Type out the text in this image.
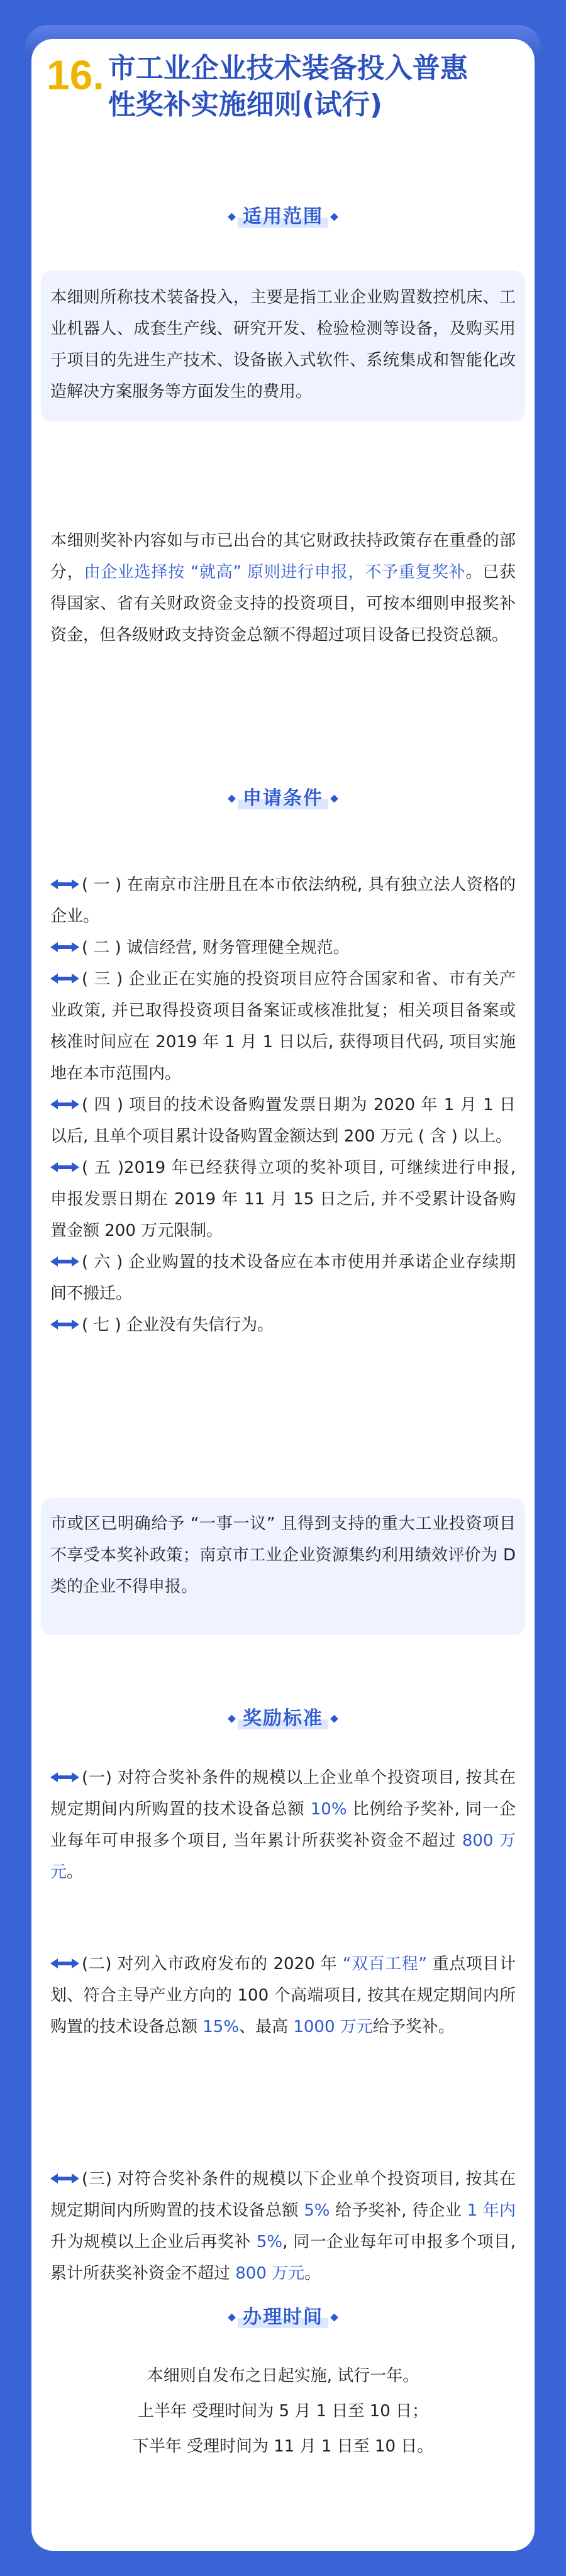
16. 市工业企业技术装备投入普惠
性奖补实施细则(试行)
适用范围
本细则所称技术装备投入，主要是指工业企业购置数控机床、工业机器人、成套生产线、研究开发、检验检测等设备，及购买用于项目的先进生产技术、设备嵌入式软件、系统集成和智能化改造解决方案服务等方面发生的费用。
本细则奖补内容如与市已出台的其它财政扶持政策存在重叠的部分，由企业选择按 “就高” 原则进行申报，不予重复奖补。已获得国家、省有关财政资金支持的投资项目，可按本细则申报奖补资金，但各级财政支持资金总额不得超过项目设备已投资总额。
申请条件
( 一 ) 在南京市注册且在本市依法纳税, 具有独立法人资格的企业。
( 二 ) 诚信经营, 财务管理健全规范。
( 三 ) 企业正在实施的投资项目应符合国家和省、市有关产业政策, 并已取得投资项目备案证或核准批复；相关项目备案或核准时间应在 2019 年 1 月 1 日以后, 获得项目代码, 项目实施地在本市范围内。
( 四 ) 项目的技术设备购置发票日期为 2020 年 1 月 1 日 以后, 且单个项目累计设备购置金额达到 200 万元 ( 含 ) 以上。
( 五 )2019 年已经获得立项的奖补项目, 可继续进行申报, 申报发票日期在 2019 年 11 月 15 日之后, 并不受累计设备购置金额 200 万元限制。
( 六 ) 企业购置的技术设备应在本市使用并承诺企业存续期间不搬迁。
( 七 ) 企业没有失信行为。
市或区已明确给予 “一事一议” 且得到支持的重大工业投资项目不享受本奖补政策；南京市工业企业资源集约利用绩效评价为 D 类的企业不得申报。
奖励标准
(一) 对符合奖补条件的规模以上企业单个投资项目, 按其在规定期间内所购置的技术设备总额 10% 比例给予奖补, 同一企业每年可申报多个项目, 当年累计所获奖补资金不超过 800 万元。
(二) 对列入市政府发布的 2020 年 “双百工程” 重点项目计划、符合主导产业方向的 100 个高端项目, 按其在规定期间内所购置的技术设备总额 15%、最高 1000 万元给予奖补。
(三) 对符合奖补条件的规模以下企业单个投资项目, 按其在规定期间内所购置的技术设备总额 5% 给予奖补, 待企业 1 年内升为规模以上企业后再奖补 5%, 同一企业每年可申报多个项目, 累计所获奖补资金不超过 800 万元。
办理时间
本细则自发布之日起实施, 试行一年。
上半年 受理时间为 5 月 1 日至 10 日；
下半年 受理时间为 11 月 1 日至 10 日。
